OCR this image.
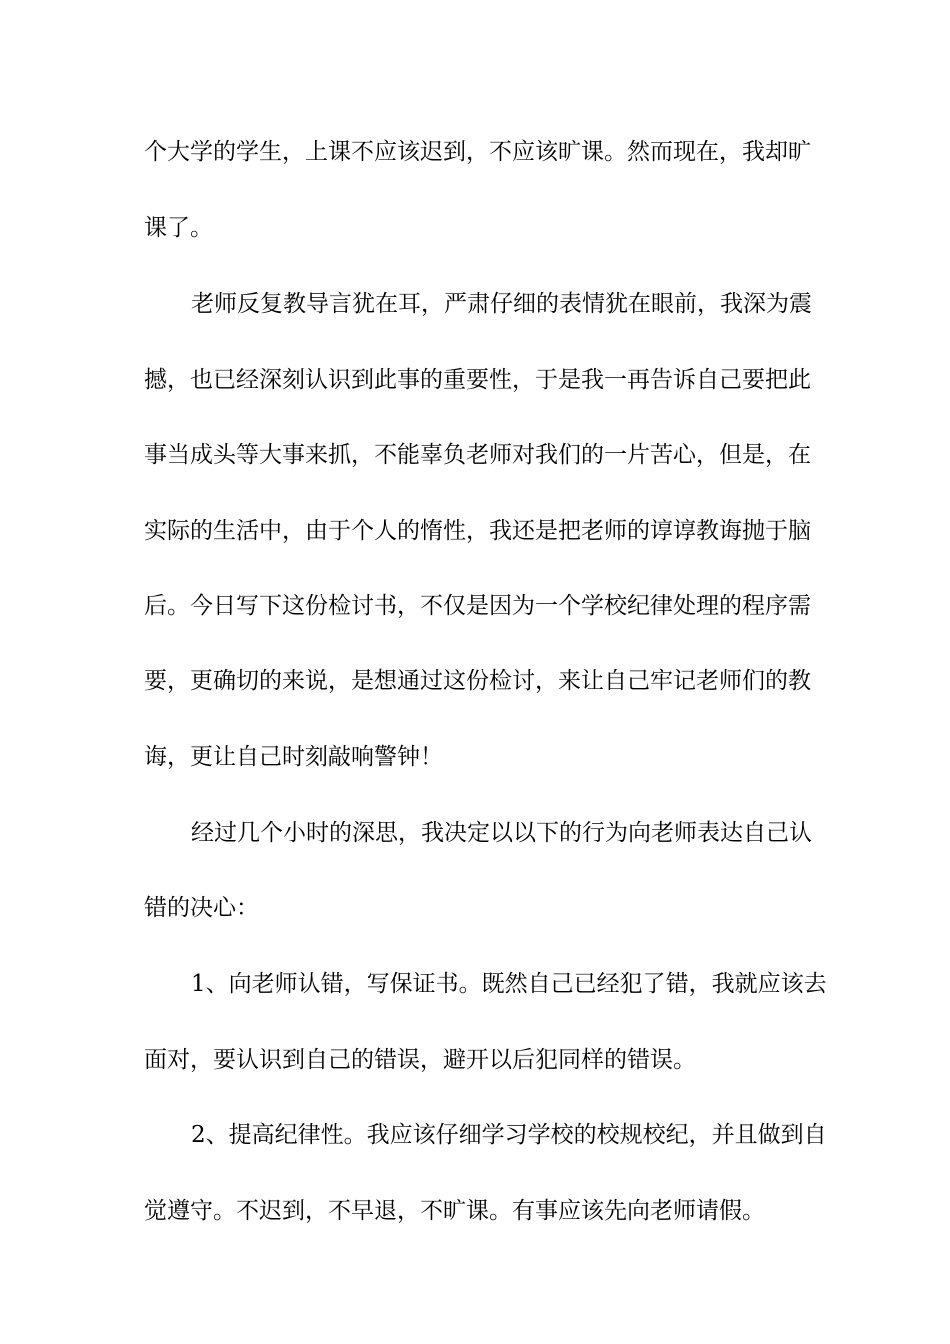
个大学的学生，上课不应该迟到，不应该旷课。然而现在，我却旷
课了。
老师反复教导言犹在耳，严肃仔细的表情犹在眼前，我深为震
撼，也已经深刻认识到此事的重要性，于是我一再告诉自己要把此
事当成头等大事来抓，不能辜负老师对我们的一片苦心，但是，在
实际的生活中，由于个人的惰性，我还是把老师的谆谆教诲抛于脑
后。今日写下这份检讨书，不仅是因为一个学校纪律处理的程序需
要，更确切的来说，是想通过这份检讨，来让自己牢记老师们的教
诲，更让自己时刻敲响警钟！
经过几个小时的深思，我决定以以下的行为向老师表达自己认
错的决心：
1、向老师认错，写保证书。既然自己已经犯了错，我就应该去
面对，要认识到自己的错误，避开以后犯同样的错误。
2、提高纪律性。我应该仔细学习学校的校规校纪，并且做到自
觉遵守。不迟到，不早退，不旷课。有事应该先向老师请假。
